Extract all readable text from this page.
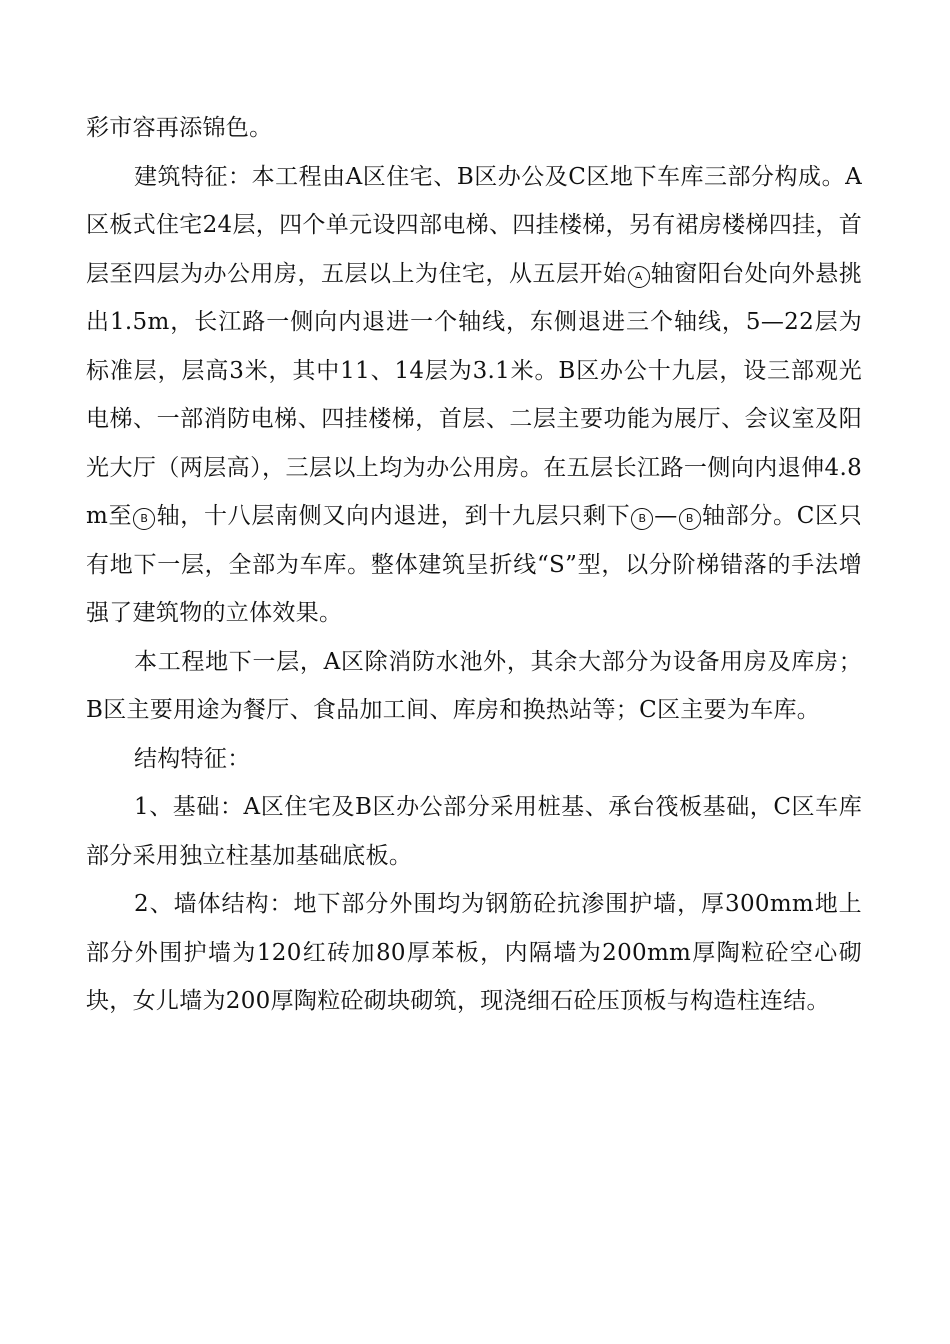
彩市容再添锦色。

建筑特征：本工程由A区住宅、B区办公及C区地下车库三部分构成。A区板式住宅24层，四个单元设四部电梯、四挂楼梯，另有裙房楼梯四挂，首层至四层为办公用房，五层以上为住宅，从五层开始 A 轴窗阳台处向外悬挑出1.5m，长江路一侧向内退进一个轴线，东侧退进三个轴线，5—22层为标准层，层高3米，其中11、14层为3.1米。B区办公十九层，设三部观光电梯、一部消防电梯、四挂楼梯，首层、二层主要功能为展厅、会议室及阳光大厅（两层高），三层以上均为办公用房。在五层长江路一侧向内退伸4.8m至 B 轴，十八层南侧又向内退进，到十九层只剩下 B — B 轴部分。C区只有地下一层，全部为车库。整体建筑呈折线“S”型，以分阶梯错落的手法增强了建筑物的立体效果。

本工程地下一层，A区除消防水池外，其余大部分为设备用房及库房；B区主要用途为餐厅、食品加工间、库房和换热站等；C区主要为车库。

结构特征：

1、基础：A区住宅及B区办公部分采用桩基、承台筏板基础，C区车库部分采用独立柱基加基础底板。

2、墙体结构：地下部分外围均为钢筋砼抗渗围护墙，厚300mm地上部分外围护墙为120红砖加80厚苯板，内隔墙为200mm厚陶粒砼空心砌块，女儿墙为200厚陶粒砼砌块砌筑，现浇细石砼压顶板与构造柱连结。
